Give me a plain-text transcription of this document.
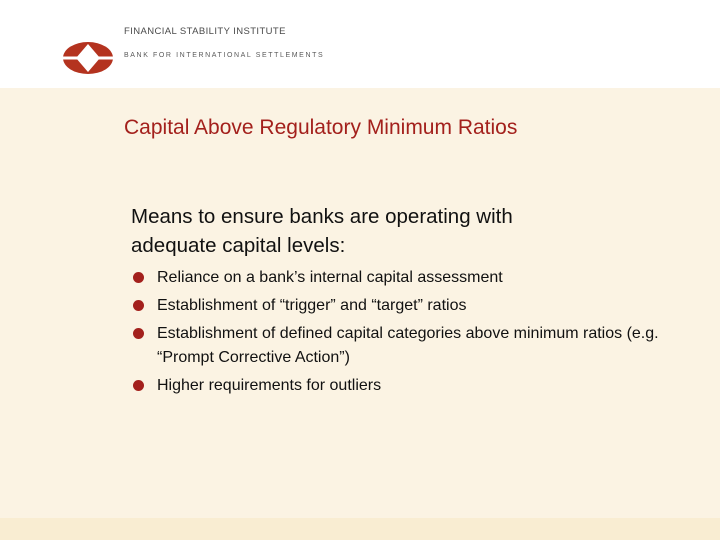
FINANCIAL STABILITY INSTITUTE
BANK FOR INTERNATIONAL SETTLEMENTS
Capital Above Regulatory Minimum Ratios
Means to ensure banks are operating with
adequate capital levels:
Reliance on a bank’s internal capital assessment
Establishment of “trigger” and “target” ratios
Establishment of defined capital categories above minimum ratios (e.g. “Prompt Corrective Action”)
Higher requirements for outliers
